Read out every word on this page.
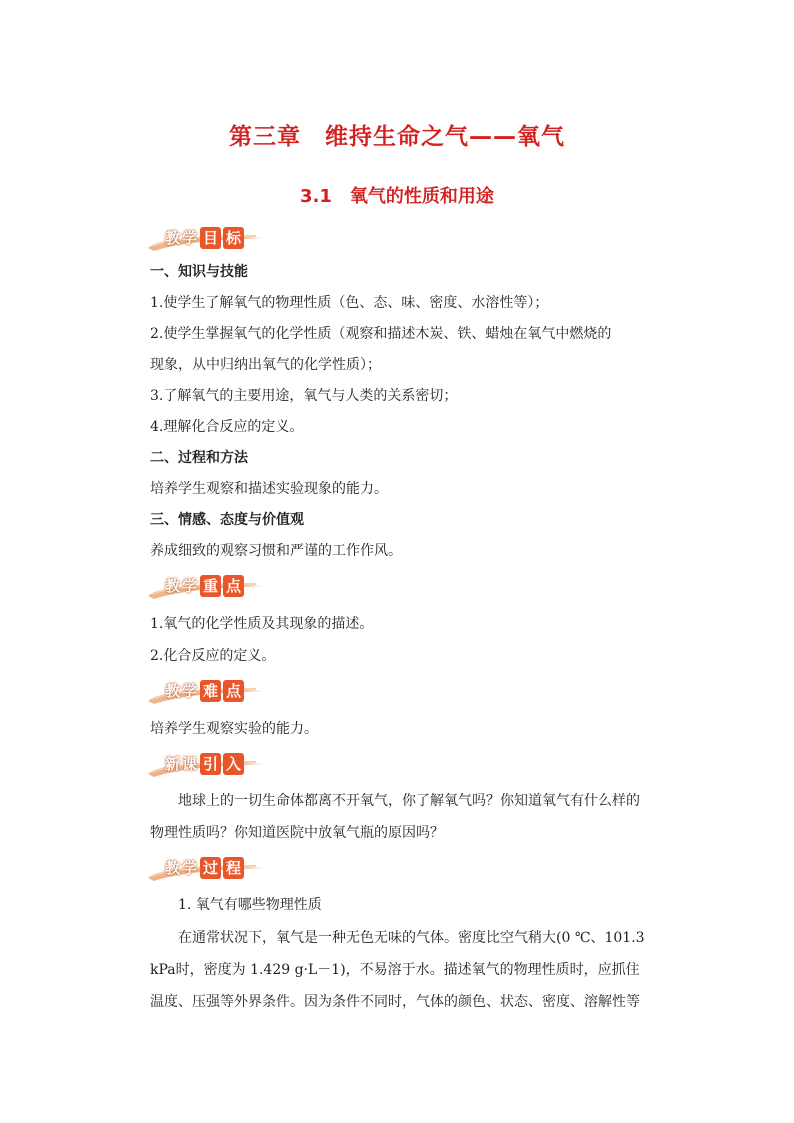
第三章　维持生命之气——氧气
3.1　氧气的性质和用途
教 学 目 标
一、知识与技能
1.使学生了解氧气的物理性质（色、态、味、密度、水溶性等）；
2.使学生掌握氧气的化学性质（观察和描述木炭、铁、蜡烛在氧气中燃烧的
现象，从中归纳出氧气的化学性质）；
3.了解氧气的主要用途，氧气与人类的关系密切；
4.理解化合反应的定义。
二、过程和方法
培养学生观察和描述实验现象的能力。
三、情感、态度与价值观
养成细致的观察习惯和严谨的工作作风。
教 学 重 点
1.氧气的化学性质及其现象的描述。
2.化合反应的定义。
教 学 难 点
培养学生观察实验的能力。
新 课 引 入
　　地球上的一切生命体都离不开氧气，你了解氧气吗？你知道氧气有什么样的
物理性质吗？你知道医院中放氧气瓶的原因吗？
教 学 过 程
　　1. 氧气有哪些物理性质
　　在通常状况下，氧气是一种无色无味的气体。密度比空气稍大(0 ℃、101.3
kPa时，密度为 1.429 g·L－1)，不易溶于水。描述氧气的物理性质时，应抓住
温度、压强等外界条件。因为条件不同时，气体的颜色、状态、密度、溶解性等
